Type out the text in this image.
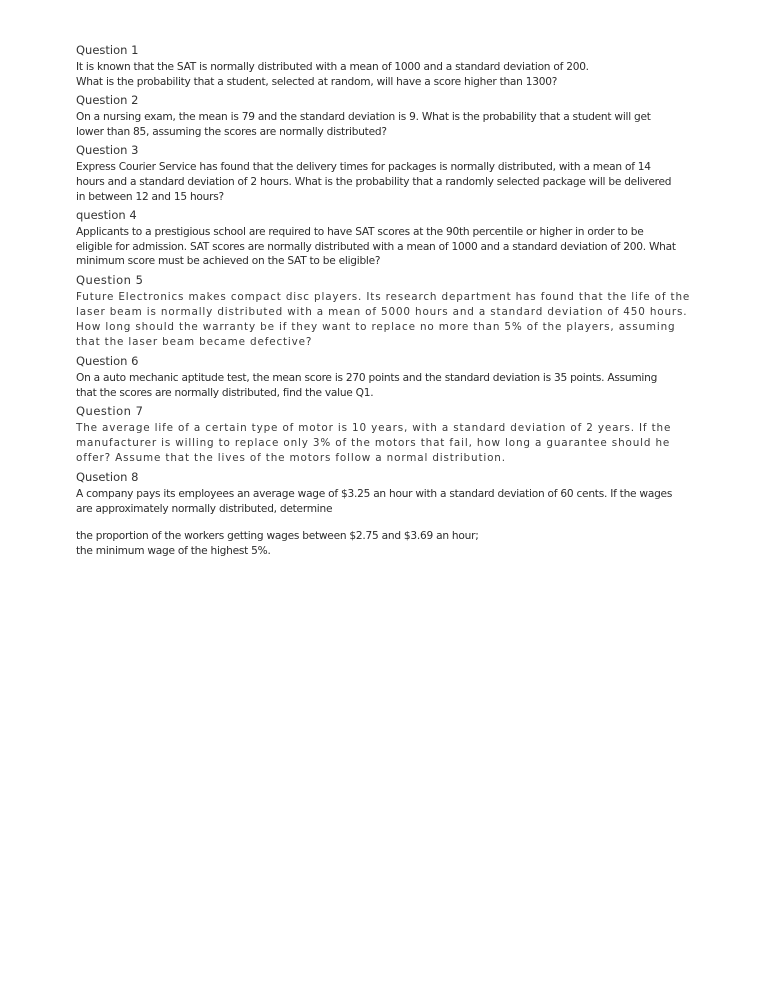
Question 1
It is known that the SAT is normally distributed with a mean of 1000 and a standard deviation of 200.
What is the probability that a student, selected at random, will have a score higher than 1300?
Question 2
On a nursing exam, the mean is 79 and the standard deviation is 9. What is the probability that a student will get
lower than 85, assuming the scores are normally distributed?
Question 3
Express Courier Service has found that the delivery times for packages is normally distributed, with a mean of 14
hours and a standard deviation of 2 hours. What is the probability that a randomly selected package will be delivered
in between 12 and 15 hours?
question 4
Applicants to a prestigious school are required to have SAT scores at the 90th percentile or higher in order to be
eligible for admission. SAT scores are normally distributed with a mean of 1000 and a standard deviation of 200. What
minimum score must be achieved on the SAT to be eligible?
Question 5
Future Electronics makes compact disc players. Its research department has found that the life of the
laser beam is normally distributed with a mean of 5000 hours and a standard deviation of 450 hours.
How long should the warranty be if they want to replace no more than 5% of the players, assuming
that the laser beam became defective?
Question 6
On a auto mechanic aptitude test, the mean score is 270 points and the standard deviation is 35 points. Assuming
that the scores are normally distributed, find the value Q1.
Question 7
The average life of a certain type of motor is 10 years, with a standard deviation of 2 years. If the
manufacturer is willing to replace only 3% of the motors that fail, how long a guarantee should he
offer? Assume that the lives of the motors follow a normal distribution.
Qusetion 8
A company pays its employees an average wage of $3.25 an hour with a standard deviation of 60 cents. If the wages
are approximately normally distributed, determine
the proportion of the workers getting wages between $2.75 and $3.69 an hour;
the minimum wage of the highest 5%.
